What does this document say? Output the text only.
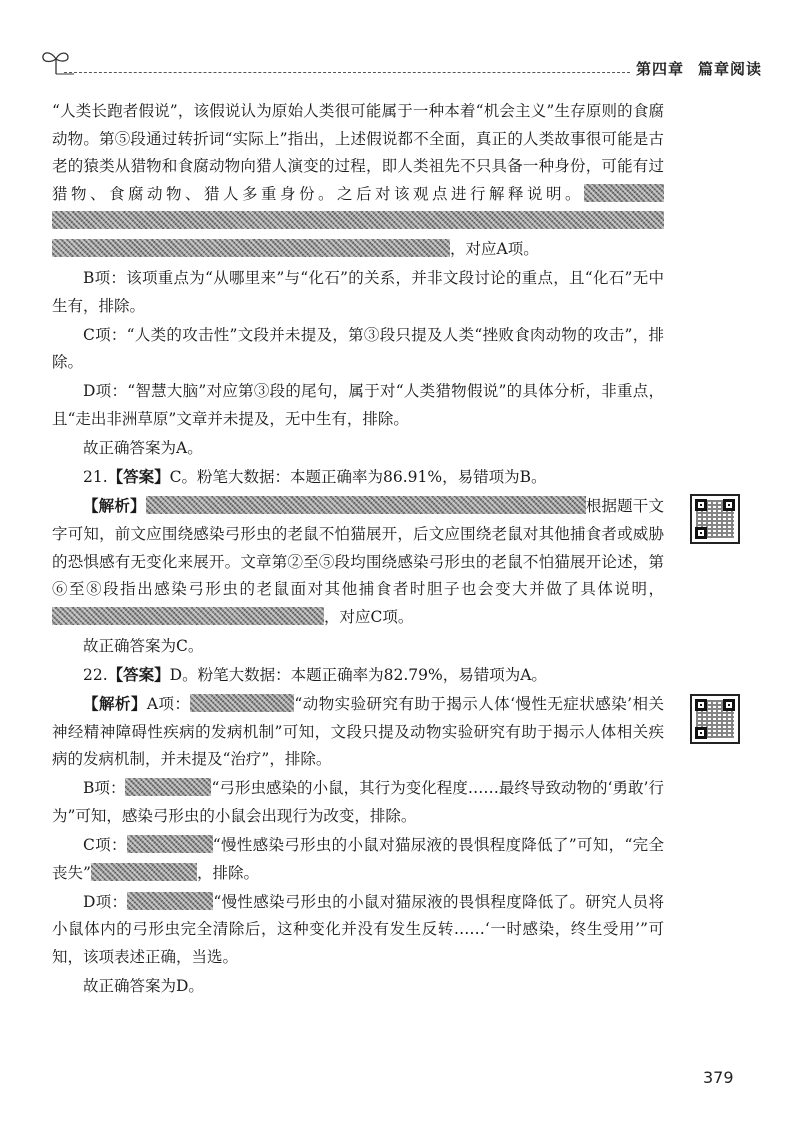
第四章 篇章阅读

“人类长跑者假说”，该假说认为原始人类很可能属于一种本着“机会主义”生存原则的食腐动物。第⑤段通过转折词“实际上”指出，上述假说都不全面，真正的人类故事很可能是古老的猿类从猎物和食腐动物向猎人演变的过程，即人类祖先不只具备一种身份，可能有过猎物、食腐动物、猎人多重身份。之后对该观点进行解释说明。，对应A项。

B项：该项重点为“从哪里来”与“化石”的关系，并非文段讨论的重点，且“化石”无中生有，排除。

C项：“人类的攻击性”文段并未提及，第③段只提及人类“挫败食肉动物的攻击”，排除。

D项：“智慧大脑”对应第③段的尾句，属于对“人类猎物假说”的具体分析，非重点，且“走出非洲草原”文章并未提及，无中生有，排除。

故正确答案为A。

21.【答案】C。粉笔大数据：本题正确率为86.91%，易错项为B。

【解析】	根据题干文字可知，前文应围绕感染弓形虫的老鼠不怕猫展开，后文应围绕老鼠对其他捕食者或威胁的恐惧感有无变化来展开。文章第②至⑤段均围绕感染弓形虫的老鼠不怕猫展开论述，第⑥至⑧段指出感染弓形虫的老鼠面对其他捕食者时胆子也会变大并做了具体说明，，对应C项。

故正确答案为C。

22.【答案】D。粉笔大数据：本题正确率为82.79%，易错项为A。

【解析】A项：	“动物实验研究有助于揭示人体‘慢性无症状感染’相关神经精神障碍性疾病的发病机制”可知，文段只提及动物实验研究有助于揭示人体相关疾病的发病机制，并未提及“治疗”，排除。

B项：	“弓形虫感染的小鼠，其行为变化程度……最终导致动物的‘勇敢’行为”可知，感染弓形虫的小鼠会出现行为改变，排除。

C项：	“慢性感染弓形虫的小鼠对猫尿液的畏惧程度降低了”可知，“完全丧失”	，排除。

D项：	“慢性感染弓形虫的小鼠对猫尿液的畏惧程度降低了。研究人员将小鼠体内的弓形虫完全清除后，这种变化并没有发生反转……‘一时感染，终生受用’”可知，该项表述正确，当选。

故正确答案为D。

379
